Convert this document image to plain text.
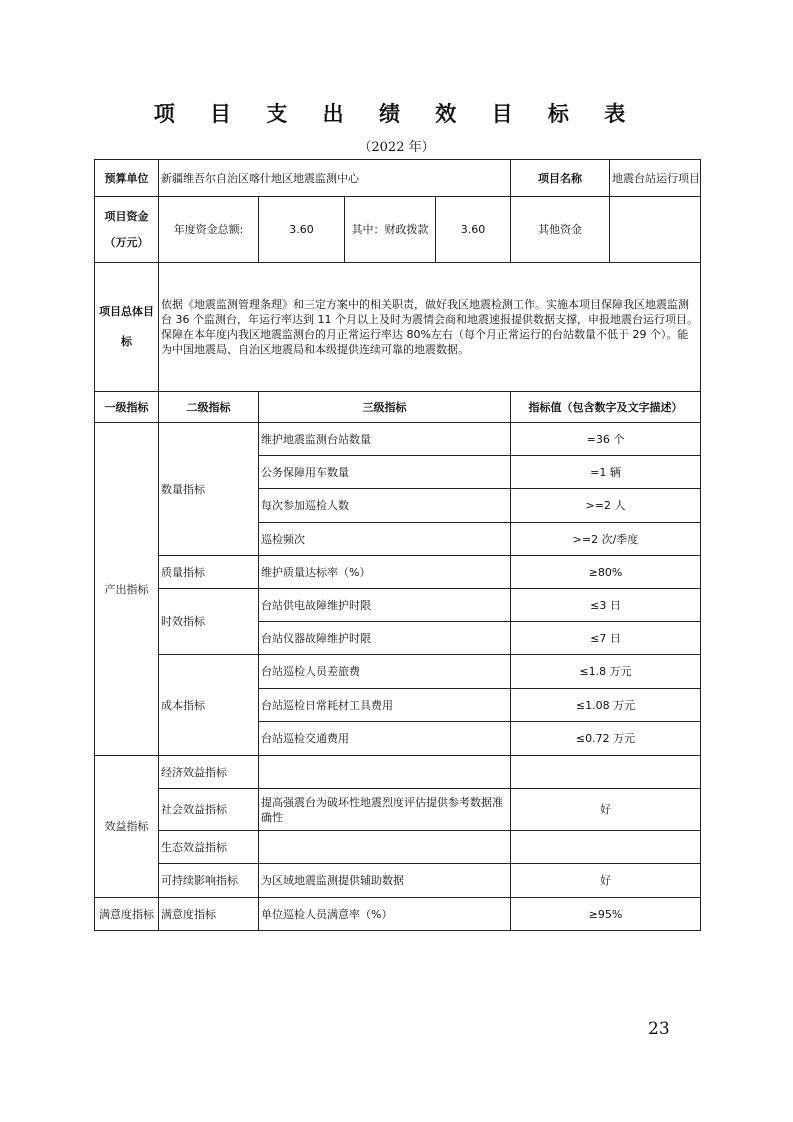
项 目 支 出 绩 效 目 标 表
（2022 年）
预算单位	新疆维吾尔自治区喀什地区地震监测中心				项目名称	地震台站运行项目
项目资金
（万元）	年度资金总额:	3.60	其中：财政拨款	3.60	其他资金	
项目总体目
标	依据《地震监测管理条理》和三定方案中的相关职责，做好我区地震检测工作。实施本项目保障我区地震监测台 36 个监测台，年运行率达到 11 个月以上及时为震情会商和地震速报提供数据支撑，申报地震台运行项目。保障在本年度内我区地震监测台的月正常运行率达 80%左右（每个月正常运行的台站数量不低于 29 个）。能为中国地震局、自治区地震局和本级提供连续可靠的地震数据。					
一级指标	二级指标	三级指标			指标值（包含数字及文字描述）	
产出指标	数量指标	维护地震监测台站数量			=36 个	
		公务保障用车数量			=1 辆	
		每次参加巡检人数			>=2 人	
		巡检频次			>=2 次/季度	
	质量指标	维护质量达标率（%）			≥80%	
	时效指标	台站供电故障维护时限			≤3 日	
		台站仪器故障维护时限			≤7 日	
	成本指标	台站巡检人员差旅费			≤1.8 万元	
		台站巡检日常耗材工具费用			≤1.08 万元	
		台站巡检交通费用			≤0.72 万元	
效益指标	经济效益指标					
	社会效益指标	提高强震台为破坏性地震烈度评估提供参考数据准确性			好	
	生态效益指标					
	可持续影响指标	为区域地震监测提供辅助数据			好	
满意度指标	满意度指标	单位巡检人员满意率（%）			≥95%	
23
